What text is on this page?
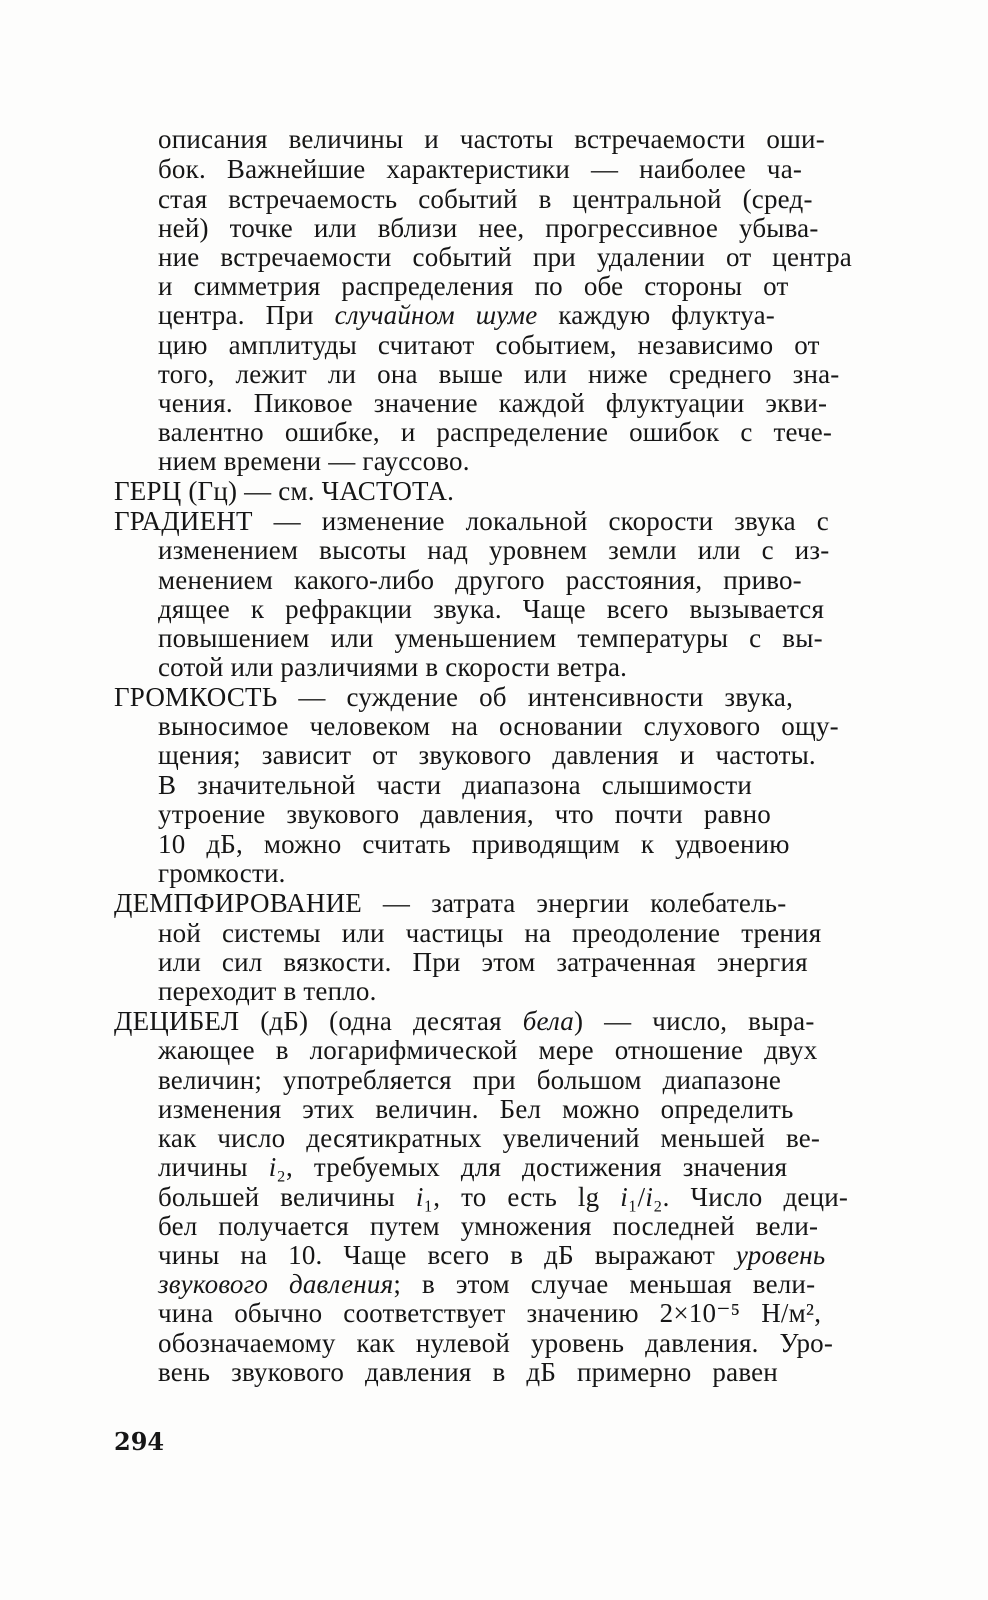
описания величины и частоты встречаемости оши-
бок. Важнейшие характеристики — наиболее ча-
стая встречаемость событий в центральной (сред-
ней) точке или вблизи нее, прогрессивное убыва-
ние встречаемости событий при удалении от центра
и симметрия распределения по обе стороны от
центра. При случайном шуме каждую флуктуа-
цию амплитуды считают событием, независимо от
того, лежит ли она выше или ниже среднего зна-
чения. Пиковое значение каждой флуктуации экви-
валентно ошибке, и распределение ошибок с тече-
нием времени — гауссово.
ГЕРЦ (Гц) — см. ЧАСТОТА.
ГРАДИЕНТ — изменение локальной скорости звука с
изменением высоты над уровнем земли или с из-
менением какого-либо другого расстояния, приво-
дящее к рефракции звука. Чаще всего вызывается
повышением или уменьшением температуры с вы-
сотой или различиями в скорости ветра.
ГРОМКОСТЬ — суждение об интенсивности звука,
выносимое человеком на основании слухового ощу-
щения; зависит от звукового давления и частоты.
В значительной части диапазона слышимости
утроение звукового давления, что почти равно
10 дБ, можно считать приводящим к удвоению
громкости.
ДЕМПФИРОВАНИЕ — затрата энергии колебатель-
ной системы или частицы на преодоление трения
или сил вязкости. При этом затраченная энергия
переходит в тепло.
ДЕЦИБЕЛ (дБ) (одна десятая бела) — число, выра-
жающее в логарифмической мере отношение двух
величин; употребляется при большом диапазоне
изменения этих величин. Бел можно определить
как число десятикратных увеличений меньшей ве-
личины i₂, требуемых для достижения значения
большей величины i₁, то есть lg i₁/i₂. Число деци-
бел получается путем умножения последней вели-
чины на 10. Чаще всего в дБ выражают уровень
звукового давления; в этом случае меньшая вели-
чина обычно соответствует значению 2×10⁻⁵ Н/м²,
обозначаемому как нулевой уровень давления. Уро-
вень звукового давления в дБ примерно равен
294
